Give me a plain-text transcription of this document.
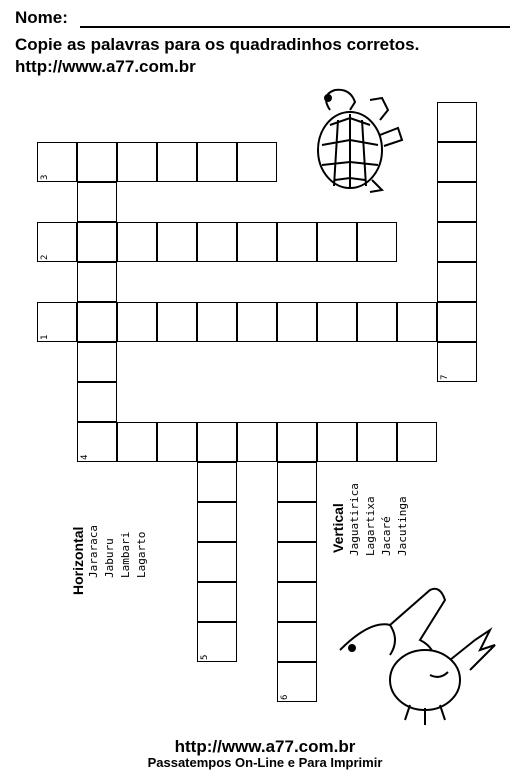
Nome:
Copie as palavras para os quadradinhos corretos.
http://www.a77.com.br
1
2
3
4
5
6
7
Horizontal Jararaca Jaburu Lambari Lagarto
Vertical Jaguatirica Lagartixa Jacaré Jacutinga
http://www.a77.com.br
Passatempos On-Line e Para Imprimir
